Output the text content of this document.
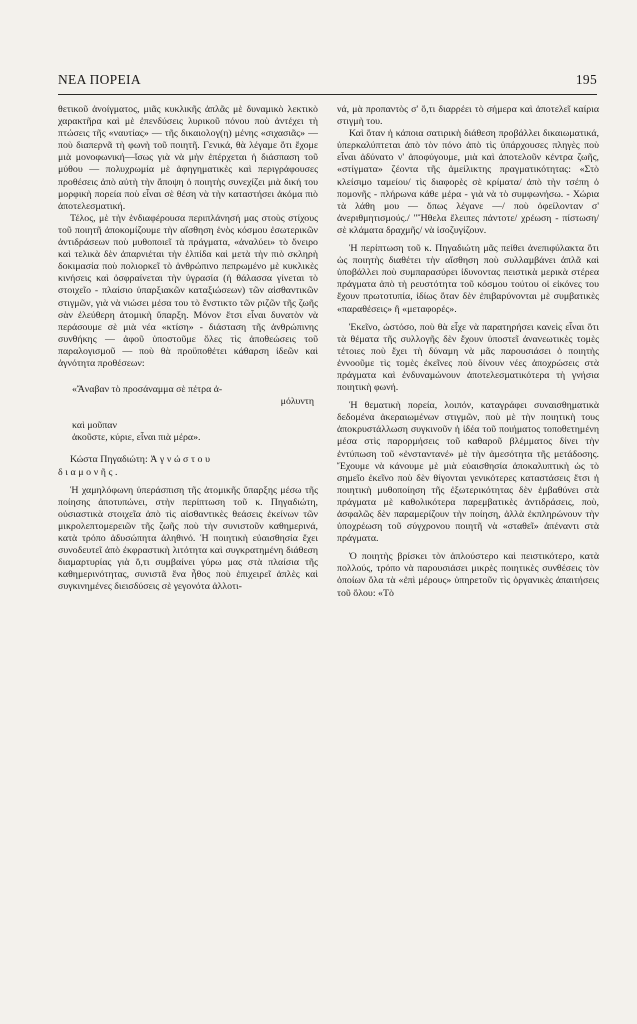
ΝΕΑ ΠΟΡΕΙΑ	195

θετικοῦ ἀνοίγματος, μιᾶς κυκλικῆς ἁπλᾶς μὲ δυναμικὸ λεκτικὸ χαρακτῆρα καὶ μὲ ἐπενδύσεις λυρικοῦ πόνου ποὺ ἀντέχει τὴ πτώσεις τῆς «ναυτίας» — τῆς δικαιολογ(η) μένης «σιχασιᾶς» — ποὺ διαπερνᾶ τὴ φωνὴ τοῦ ποιητῆ. Γενικά, θὰ λέγαμε ὅτι ἔχομε μιὰ μονοφωνική—ἴσως γιὰ νὰ μὴν ἐπέρχεται ἡ διάσπαση τοῦ μύθου — πολυχρωμία μὲ ἀφηγηματικὲς καὶ περιγράφουσες προθέσεις ἀπὸ αὐτὴ τὴν ἄποψη ὁ ποιητὴς συνεχίζει μιὰ δική του μορφικὴ πορεία ποὺ εἶναι σὲ θέση νὰ τὴν καταστήσει ἀκόμα πιὸ ἀποτελεσματική.

Τέλος, μὲ τὴν ἐνδιαφέρουσα περιπλάνησή μας στοὺς στίχους τοῦ ποιητῆ ἀποκομίζουμε τὴν αἴσθηση ἑνὸς κόσμου ἐσωτερικῶν ἀντιδράσεων ποὺ μυθοποιεῖ τὰ πράγματα, «ἀναλύει» τὸ ὄνειρο καὶ τελικὰ δὲν ἀπαρνιέται τὴν ἐλπίδα καὶ μετὰ τὴν πιὸ σκληρὴ δοκιμασία ποὺ πολιορκεῖ τὸ ἀνθρώπινο πεπρωμένο μὲ κυκλικὲς κινήσεις καὶ ὀσφραίνεται τὴν ὑγρασία (ἡ θάλασσα γίνεται τὸ στοιχεῖο - πλαίσιο ὑπαρξιακῶν καταξιώσεων) τῶν αἰσθαντικῶν στιγμῶν, γιὰ νὰ νιώσει μέσα του τὸ ἔνστικτο τῶν ριζῶν τῆς ζωῆς σὰν ἐλεύθερη ἀτομικὴ ὕπαρξη. Μόνον ἔτσι εἶναι δυνατὸν νὰ περάσουμε σὲ μιὰ νέα «κτίση» - διάσταση τῆς ἀνθρώπινης συνθήκης — ἀφοῦ ὑποστοῦμε ὅλες τὶς ἀποθεώσεις τοῦ παραλογισμοῦ — ποὺ θὰ προϋποθέτει κάθαρση ἰδεῶν καὶ ἀγνότητα προθέσεων:

«Ἄναβαν τὸ προσάναμμα σὲ πέτρα ἀ-
μόλυντη
καὶ μοῦπαν
ἀκοῦστε, κύριε, εἶναι πιὰ μέρα».

Κώστα Πηγαδιώτη: Ἀγνώστου
διαμονῆς.

Ἡ χαμηλόφωνη ὑπεράσπιση τῆς ἀτομικῆς ὕπαρξης μέσω τῆς ποίησης ἀποτυπώνει, στὴν περίπτωση τοῦ κ. Πηγαδιώτη, οὐσιαστικὰ στοιχεῖα ἀπὸ τὶς αἰσθαντικὲς θεάσεις ἐκείνων τῶν μικρολεπτομερειῶν τῆς ζωῆς ποὺ τὴν συνιστοῦν καθημερινά, κατὰ τρόπο ἀδυσώπητα ἀληθινό. Ἡ ποιητικὴ εὐαισθησία ἔχει συνοδευτεῖ ἀπὸ ἐκφραστικὴ λιτότητα καὶ συγκρατημένη διάθεση διαμαρτυρίας γιὰ ὅ,τι συμβαίνει γύρω μας στὰ πλαίσια τῆς καθημερινότητας, συνιστᾶ ἕνα ἦθος ποὺ ἐπιχειρεῖ ἁπλὲς καὶ συγκινημένες διεισδύσεις σὲ γεγονότα ἀλλοτι-

νά, μὰ προπαντὸς σ' ὅ,τι διαρρέει τὸ σήμερα καὶ ἀποτελεῖ καίρια στιγμὴ του.

Καὶ ὅταν ἡ κάποια σατιρικὴ διάθεση προβάλλει δικαιωματικά, ὑπερκαλύπτεται ἀπὸ τὸν πόνο ἀπὸ τὶς ὑπάρχουσες πληγὲς ποὺ εἶναι ἀδύνατο ν' ἀποφύγουμε, μιὰ καὶ ἀποτελοῦν κέντρα ζωῆς, «στίγματα» ζέοντα τῆς ἀμείλικτης πραγματικότητας: «Στὸ κλείσιμο ταμείου/ τὶς διαφορὲς σὲ κρίματα/ ἀπὸ τὴν τσέπη ὁ πομονῆς - πλήρωνα κάθε μέρα - γιὰ νὰ τὸ συμφωνήσω. - Χώρια τὰ λάθη μου — ὅπως λέγανε —/ ποὺ ὀφείλονταν σ' ἀνεριθμητισμούς./ "Ἤθελα ἔλειπες πάντοτε/ χρέωση - πίστωση/ σὲ κλάματα δραχμῆς/ νὰ ἰσοζυγίζουν.

Ἡ περίπτωση τοῦ κ. Πηγαδιώτη μᾶς πείθει ἀνεπιφύλακτα ὅτι ὡς ποιητὴς διαθέτει τὴν αἴσθηση ποὺ συλλαμβάνει ἁπλᾶ καὶ ὑποβάλλει ποὺ συμπαρασύρει ἰδυνοντας πειστικὰ μερικὰ στέρεα πράγματα ἀπὸ τὴ ρευστότητα τοῦ κόσμου τούτου οἱ εἰκόνες του ἔχουν πρωτοτυπία, ἰδίως ὅταν δὲν ἐπιβαρύνονται μὲ συμβατικὲς «παραθέσεις» ἢ «μεταφορές».

Ἐκεῖνο, ὡστόσο, ποὺ θὰ εἶχε νὰ παρατηρήσει κανεὶς εἶναι ὅτι τὰ θέματα τῆς συλλογῆς δὲν ἔχουν ὑποστεῖ ἀνανεωτικὲς τομὲς τέτοιες ποὺ ἔχει τὴ δύναμη νὰ μᾶς παρουσιάσει ὁ ποιητὴς ἐννοοῦμε τὶς τομὲς ἐκεῖνες ποὺ δίνουν νέες ἀποχρώσεις στὰ πράγματα καὶ ἐνδυναμώνουν ἀποτελεσματικότερα τὴ γνήσια ποιητικὴ φωνή.

Ἡ θεματικὴ πορεία, λοιπόν, καταγράφει συναισθηματικὰ δεδομένα ἀκεραιωμένων στιγμῶν, ποὺ μὲ τὴν ποιητικὴ τους ἀποκρυστάλλωση συγκινοῦν ἡ ἰδέα τοῦ ποιήματος τοποθετημένη μέσα στὶς παρορμήσεις τοῦ καθαροῦ βλέμματος δίνει τὴν ἐντύπωση τοῦ «ἐνσταντανέ» μὲ τὴν ἀμεσότητα τῆς μετάδοσης. Ἔχουμε νὰ κάνουμε μὲ μιὰ εὐαισθησία ἀποκαλυπτικὴ ὡς τὸ σημεῖο ἐκεῖνο ποὺ δὲν θίγονται γενικότερες καταστάσεις ἔτσι ἡ ποιητικὴ μυθοποίηση τῆς ἐξωτερικότητας δὲν ἐμβαθύνει στὰ πράγματα μὲ καθολικότερα παρεμβατικὲς ἀντιδράσεις, ποὺ, ἀσφαλῶς δὲν παραμερίζουν τὴν ποίηση, ἀλλὰ ἐκπληρώνουν τὴν ὑποχρέωση τοῦ σύγχρονου ποιητῆ νὰ «σταθεῖ» ἀπέναντι στὰ πράγματα.

Ὁ ποιητὴς βρίσκει τὸν ἁπλούστερο καὶ πειστικότερο, κατὰ πολλούς, τρόπο νὰ παρουσιάσει μικρὲς ποιητικὲς συνθέσεις τὸν ὁποίων ὅλα τὰ «ἐπὶ μέρους» ὑπηρετοῦν τὶς ὀργανικὲς ἀπαιτήσεις τοῦ ὅλου: «Τὸ
